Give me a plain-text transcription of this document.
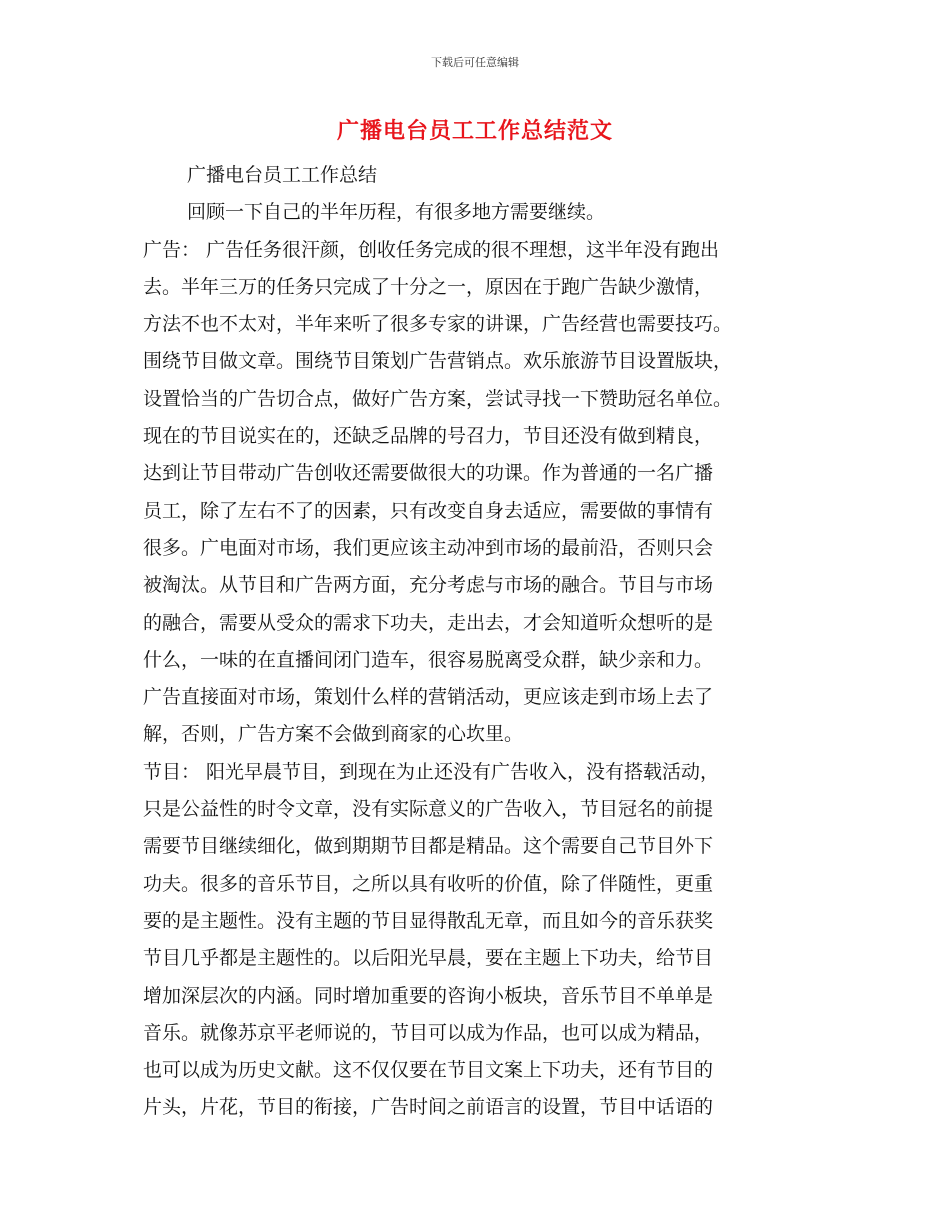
下载后可任意编辑
广播电台员工工作总结范文
广播电台员工工作总结
回顾一下自己的半年历程，有很多地方需要继续。
广告： 广告任务很汗颜，创收任务完成的很不理想，这半年没有跑出
去。半年三万的任务只完成了十分之一，原因在于跑广告缺少激情，
方法不也不太对，半年来听了很多专家的讲课，广告经营也需要技巧。
围绕节目做文章。围绕节目策划广告营销点。欢乐旅游节目设置版块，
设置恰当的广告切合点，做好广告方案，尝试寻找一下赞助冠名单位。
现在的节目说实在的，还缺乏品牌的号召力，节目还没有做到精良，
达到让节目带动广告创收还需要做很大的功课。作为普通的一名广播
员工，除了左右不了的因素，只有改变自身去适应，需要做的事情有
很多。广电面对市场，我们更应该主动冲到市场的最前沿，否则只会
被淘汰。从节目和广告两方面，充分考虑与市场的融合。节目与市场
的融合，需要从受众的需求下功夫，走出去，才会知道听众想听的是
什么，一味的在直播间闭门造车，很容易脱离受众群，缺少亲和力。
广告直接面对市场，策划什么样的营销活动，更应该走到市场上去了
解，否则，广告方案不会做到商家的心坎里。
节目： 阳光早晨节目，到现在为止还没有广告收入，没有搭载活动，
只是公益性的时令文章，没有实际意义的广告收入，节目冠名的前提
需要节目继续细化，做到期期节目都是精品。这个需要自己节目外下
功夫。很多的音乐节目，之所以具有收听的价值，除了伴随性，更重
要的是主题性。没有主题的节目显得散乱无章，而且如今的音乐获奖
节目几乎都是主题性的。以后阳光早晨，要在主题上下功夫，给节目
增加深层次的内涵。同时增加重要的咨询小板块，音乐节目不单单是
音乐。就像苏京平老师说的，节目可以成为作品，也可以成为精品，
也可以成为历史文献。这不仅仅要在节目文案上下功夫，还有节目的
片头，片花，节目的衔接，广告时间之前语言的设置，节目中话语的
